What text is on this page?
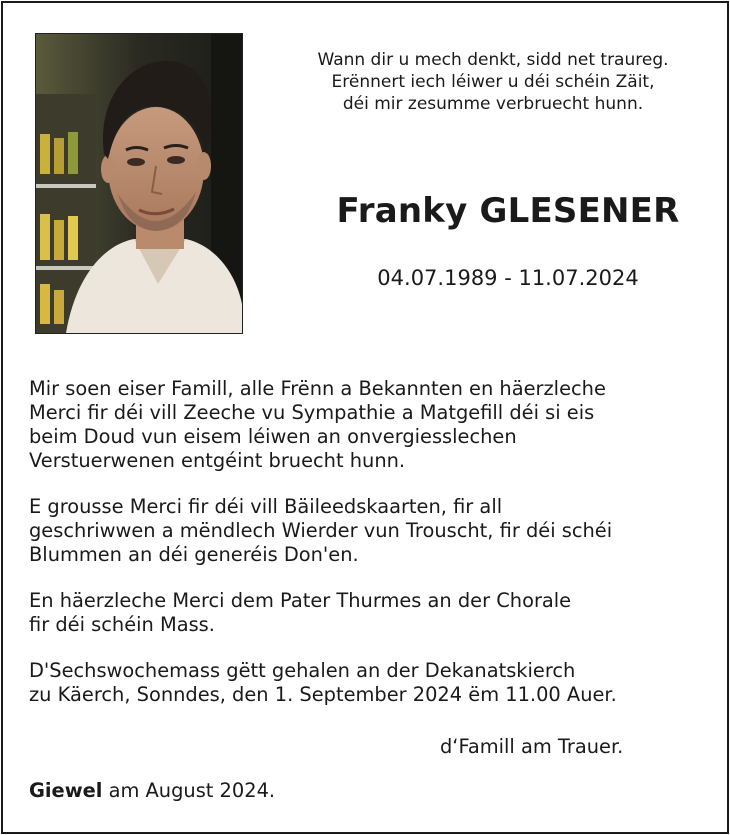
Wann dir u mech denkt, sidd net traureg.
Erënnert iech léiwer u déi schéin Zäit,
déi mir zesumme verbruecht hunn.
Franky GLESENER
04.07.1989 - 11.07.2024
Mir soen eiser Famill, alle Frënn a Bekannten en häerzleche
Merci fir déi vill Zeeche vu Sympathie a Matgefill déi si eis
beim Doud vun eisem léiwen an onvergiesslechen
Verstuerwenen entgéint bruecht hunn.
E grousse Merci fir déi vill Bäileedskaarten, fir all
geschriwwen a mëndlech Wierder vun Trouscht, fir déi schéi
Blummen an déi generéis Don'en.
En häerzleche Merci dem Pater Thurmes an der Chorale
fir déi schéin Mass.
D'Sechswochemass gëtt gehalen an der Dekanatskierch
zu Käerch, Sonndes, den 1. September 2024 ëm 11.00 Auer.
d‘Famill am Trauer.
Giewel am August 2024.
